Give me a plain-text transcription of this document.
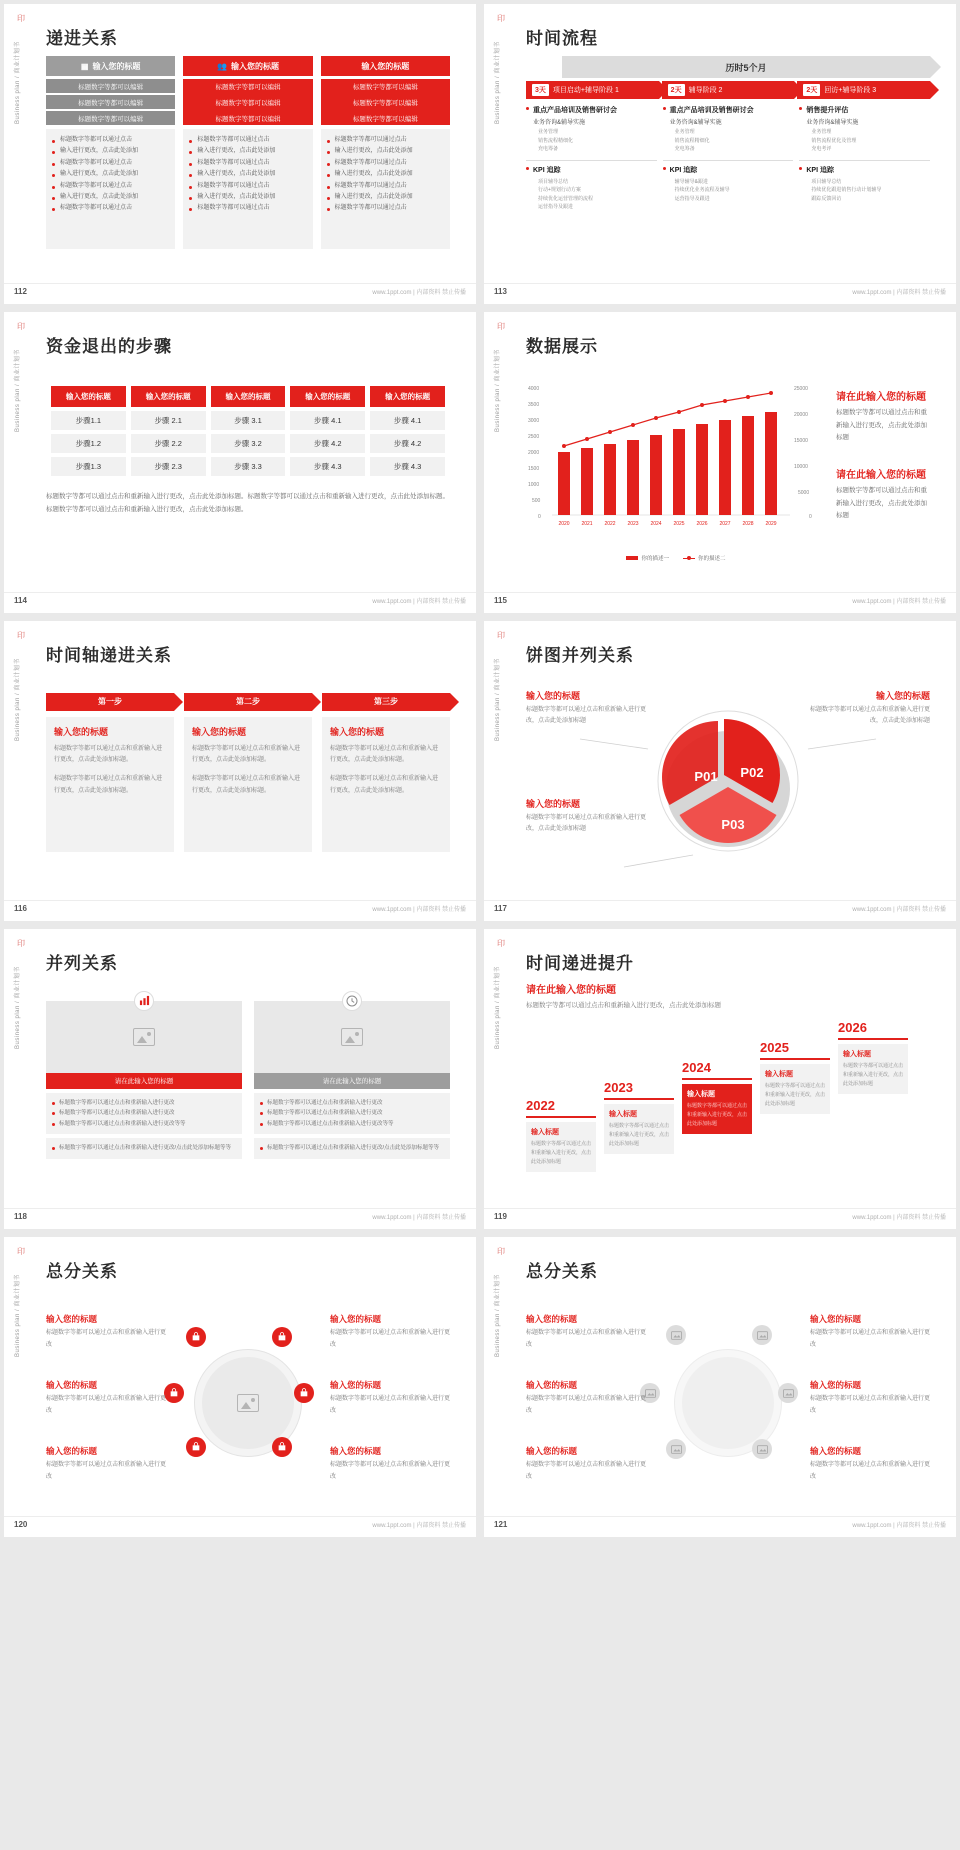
印
Business plan / 商业计划书
递进关系
▦ 输入您的标题
标题数字等都可以编辑
标题数字等都可以编辑
标题数字等都可以编辑
标题数字等都可以通过点击
输入进行更改，点击此处添加
标题数字等都可以通过点击
输入进行更改，点击此处添加
标题数字等都可以通过点击
输入进行更改，点击此处添加
标题数字等都可以通过点击
👥 输入您的标题
标题数字等都可以编辑
标题数字等都可以编辑
标题数字等都可以编辑
标题数字等都可以通过点击
输入进行更改，点击此处添加
标题数字等都可以通过点击
输入进行更改，点击此处添加
标题数字等都可以通过点击
输入进行更改，点击此处添加
标题数字等都可以通过点击
输入您的标题
标题数字等都可以编辑
标题数字等都可以编辑
标题数字等都可以编辑
标题数字等都可以通过点击
输入进行更改，点击此处添加
标题数字等都可以通过点击
输入进行更改，点击此处添加
标题数字等都可以通过点击
输入进行更改，点击此处添加
标题数字等都可以通过点击
112	www.1ppt.com | 内部资料 禁止传播
印
Business plan / 商业计划书
时间流程
历时5个月
3天	项目启动+辅导阶段 1	2天	辅导阶段 2	2天	回访+辅导阶段 3
重点产品培训及销售研讨会
业务咨询&辅导实施
业务管理
销售流程精细化
充电筹备
KPI 追踪
项目辅导总结
行动+规划行动方案
持续优化运营管理的流程
运营指导及跟进
重点产品培训及销售研讨会
业务咨询&辅导实施
业务管理
销售流程精细化
充电筹备
KPI 追踪
辅导辅导&跟进
持续优化业务流程及辅导
运营指导及跟进
销售提升评估
业务咨询&辅导实施
业务管理
销售流程优化及管理
充电考评
KPI 追踪
项目辅导总结
持续优化跟进销售行动计划辅导
跟踪反馈回访
113	www.1ppt.com | 内部资料 禁止传播
印
Business plan / 商业计划书
资金退出的步骤
输入您的标题	输入您的标题	输入您的标题	输入您的标题	输入您的标题
步骤1.1	步骤 2.1	步骤 3.1	步骤 4.1	步骤 4.1
步骤1.2	步骤 2.2	步骤 3.2	步骤 4.2	步骤 4.2
步骤1.3	步骤 2.3	步骤 3.3	步骤 4.3	步骤 4.3
标题数字等都可以通过点击和重新输入进行更改，点击此处添加标题。标题数字等都可以通过点击和重新输入进行更改，点击此处添加标题。标题数字等都可以通过点击和重新输入进行更改，点击此处添加标题。
114	www.1ppt.com | 内部资料 禁止传播
印
Business plan / 商业计划书
数据展示
4000
3500
3000
2500
2000
1500
1000
500
0
25000
20000
15000
10000
5000
0
2020 2021 2022 2023 2024 2025 2026 2027 2028 2029
你的描述一	你的描述二
请在此输入您的标题

标题数字等都可以通过点击和重新输入进行更改，点击此处添加标题

请在此输入您的标题

标题数字等都可以通过点击和重新输入进行更改，点击此处添加标题

115	www.1ppt.com | 内部资料 禁止传播
印
Business plan / 商业计划书
时间轴递进关系
第一步
输入您的标题

标题数字等都可以通过点击和重新输入进行更改，点击此处添加标题。

标题数字等都可以通过点击和重新输入进行更改，点击此处添加标题。

第二步
输入您的标题

标题数字等都可以通过点击和重新输入进行更改，点击此处添加标题。

标题数字等都可以通过点击和重新输入进行更改，点击此处添加标题。

第三步
输入您的标题

标题数字等都可以通过点击和重新输入进行更改，点击此处添加标题。

标题数字等都可以通过点击和重新输入进行更改，点击此处添加标题。

116	www.1ppt.com | 内部资料 禁止传播
印
Business plan / 商业计划书
饼图并列关系
P01 P02
P03
输入您的标题

标题数字等都可以通过点击和重新输入进行更改，点击此处添加标题

输入您的标题

标题数字等都可以通过点击和重新输入进行更改，点击此处添加标题

输入您的标题

标题数字等都可以通过点击和重新输入进行更改，点击此处添加标题

117	www.1ppt.com | 内部资料 禁止传播
印
Business plan / 商业计划书
并列关系
请在此输入您的标题
标题数字等都可以通过点击和重新输入进行更改
标题数字等都可以通过点击和重新输入进行更改
标题数字等都可以通过点击和重新输入进行更改等等
标题数字等都可以通过点击和重新输入进行更改/点击此处添加标题等等
请在此输入您的标题
标题数字等都可以通过点击和重新输入进行更改
标题数字等都可以通过点击和重新输入进行更改
标题数字等都可以通过点击和重新输入进行更改等等
标题数字等都可以通过点击和重新输入进行更改/点击此处添加标题等等
118	www.1ppt.com | 内部资料 禁止传播
印
Business plan / 商业计划书
时间递进提升
请在此输入您的标题

标题数字等都可以通过点击和重新输入进行更改，点击此处添加标题

2022
输入标题

标题数字等都可以通过点击和重新输入进行更改，点击此处添加标题

2023
输入标题

标题数字等都可以通过点击和重新输入进行更改，点击此处添加标题

2024
输入标题

标题数字等都可以通过点击和重新输入进行更改，点击此处添加标题

2025
输入标题

标题数字等都可以通过点击和重新输入进行更改，点击此处添加标题

2026
输入标题

标题数字等都可以通过点击和重新输入进行更改，点击此处添加标题

119	www.1ppt.com | 内部资料 禁止传播
印
Business plan / 商业计划书
总分关系
输入您的标题

标题数字等都可以通过点击和重新输入进行更改

输入您的标题

标题数字等都可以通过点击和重新输入进行更改

输入您的标题

标题数字等都可以通过点击和重新输入进行更改

输入您的标题

标题数字等都可以通过点击和重新输入进行更改

输入您的标题

标题数字等都可以通过点击和重新输入进行更改

输入您的标题

标题数字等都可以通过点击和重新输入进行更改

120	www.1ppt.com | 内部资料 禁止传播
印
Business plan / 商业计划书
总分关系
输入您的标题

标题数字等都可以通过点击和重新输入进行更改

输入您的标题

标题数字等都可以通过点击和重新输入进行更改

输入您的标题

标题数字等都可以通过点击和重新输入进行更改

输入您的标题

标题数字等都可以通过点击和重新输入进行更改

输入您的标题

标题数字等都可以通过点击和重新输入进行更改

输入您的标题

标题数字等都可以通过点击和重新输入进行更改

121	www.1ppt.com | 内部资料 禁止传播
